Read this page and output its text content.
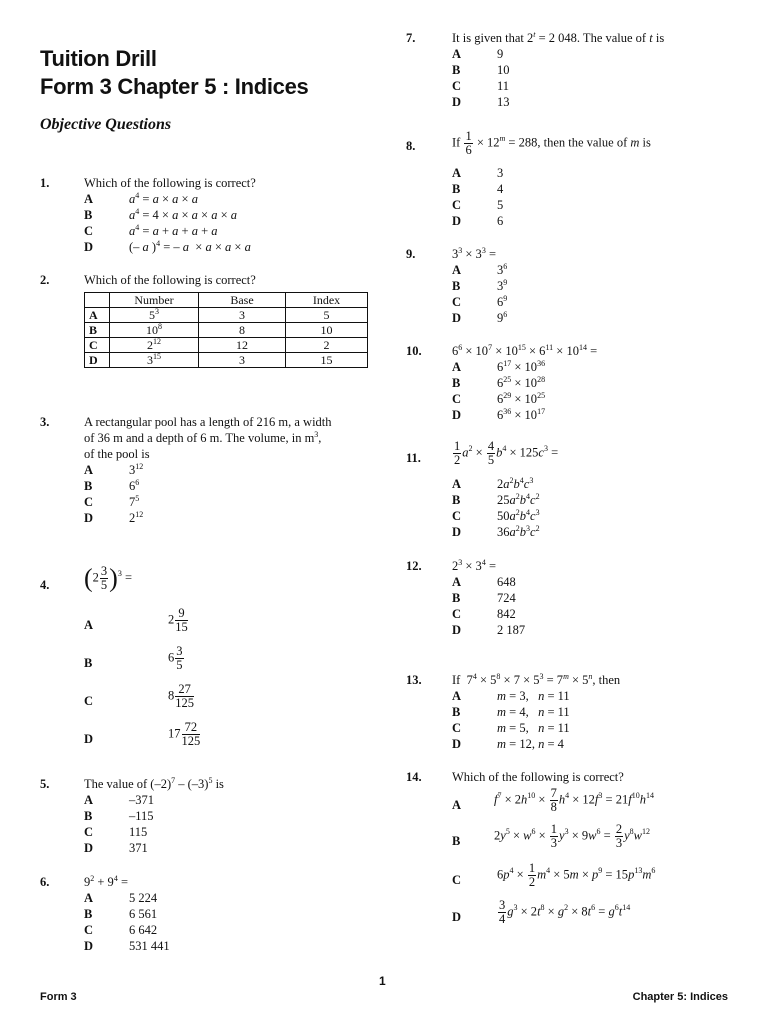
Tuition Drill
Form 3 Chapter 5 : Indices
Objective Questions
1.	Which of the following is correct?
A	$a^4 = a \times a \times a$
B	$a^4 = 4 \times a \times a \times a \times a$
C	$a^4 = a + a + a + a$
D	(– a )$^4$ = – a  × a × a × a
2.	Which of the following is correct?
	Number	Base	Index
A	$5^3$	3	5
B	$10^8$	8	10
C	$2^{12}$	12	2
D	$3^{15}$	3	15
3.	A rectangular pool has a length of 216 m, a width
of 36 m and a depth of 6 m. The volume, in $m^3$,
of the pool is
A	$3^{12}$
B	$6^6$
C	$7^5$
D	$2^{12}$
4. $(2 \frac{3}{5} )^3$ =
A	$2 \frac{9}{15}$
B	$6 \frac{3}{5}$
C	$8 \frac{27}{125}$
D	$17 \frac{72}{125}$
5.	The value of $(-2)^7 - (-3)^5$ is
A	–371
B	–115
C	115
D	371
6.	$9^2 + 9^4$ =
A	5 224
B	6 561
C	6 642
D	531 441
7.	It is given that $2^t = 2$ 048. The value of t is
A	9
B	10
C	11
D	13
8.	If $\frac{1}{6} \times 12^m = 288$, then the value of m is
A	3
B	4
C	5
D	6
9.	$3^3 \times 3^3$ =
A	$3^6$
B	$3^9$
C	$6^9$
D	$9^6$
10. $6^6 \times 10^7 \times 10^{15} \times 6^{11} \times 10^{14}$ =
A	$6^{17} \times 10^{36}$
B	$6^{25} \times 10^{28}$
C	$6^{29} \times 10^{25}$
D	$6^{36} \times 10^{17}$
11.	$\frac{1}{2} a^2 \times \frac{4}{5} b^4 \times 125c^3$ =
A	$2a^2b^4c^3$
B	$25a^2b^4c^2$
C	$50a^2b^4c^3$
D	$36a^2b^3c^2$
12. $2^3 \times 3^4$ =
A	648
B	724
C	842
D	2 187
13. If  $7^4 \times 5^8 \times 7 \times 5^3 = 7^m \times 5^n$, then
A	m = 3,   n = 11
B	m = 4,   n = 11
C	m = 5,   n = 11
D	m = 12, n = 4
14. Which of the following is correct?
A	$f^7 \times 2h^{10} \times \frac{7}{8} h^4 \times 12f^3 = 21f^{10}h^{14}$
B	$2y^5 \times w^6 \times \frac{1}{3} y^3 \times 9w^6 = \frac{2}{3} y^8w^{12}$
C	$6p^4 \times \frac{1}{2} m^4 \times 5m \times p^9 = 15p^{13}m^6$
D	$\frac{3}{4} g^3 \times 2t^8 \times g^2 \times 8t^6 = g^6t^{14}$
1
Form 3	Chapter 5: Indices
